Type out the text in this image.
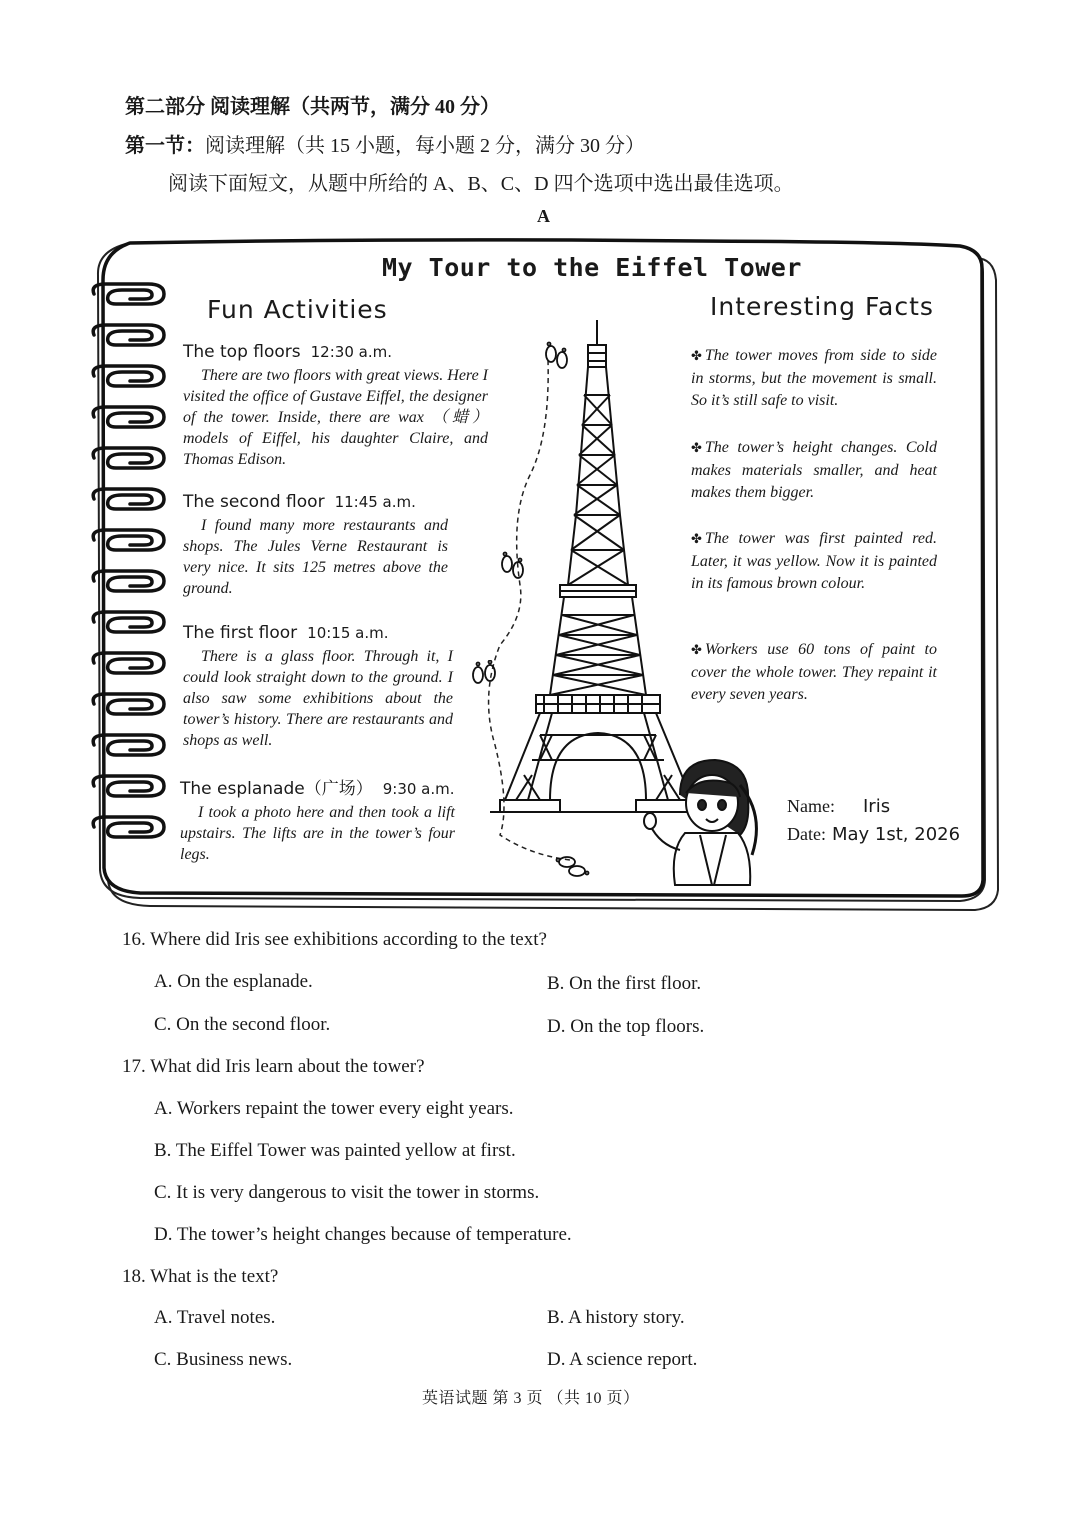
第二部分 阅读理解（共两节，满分 40 分）
第一节：阅读理解（共 15 小题，每小题 2 分，满分 30 分）
阅读下面短文，从题中所给的 A、B、C、D 四个选项中选出最佳选项。
A
My Tour to the Eiffel Tower
Fun Activities	Interesting Facts
The top floors 12:30 a.m.
There are two floors with great views. Here I visited the office of Gustave Eiffel, the designer of the tower. Inside, there are wax （蜡） models of Eiffel, his daughter Claire, and Thomas Edison.
The second floor 11:45 a.m.
I found many more restaurants and shops. The Jules Verne Restaurant is very nice. It sits 125 metres above the ground.
The first floor 10:15 a.m.
There is a glass floor. Through it, I could look straight down to the ground. I also saw some exhibitions about the tower’s history. There are restaurants and shops as well.
The esplanade（广场） 9:30 a.m.
I took a photo here and then took a lift upstairs. The lifts are in the tower’s four legs.
✤ The tower moves from side to side in storms, but the movement is small. So it’s still safe to visit.
✤ The tower’s height changes. Cold makes materials smaller, and heat makes them bigger.
✤ The tower was first painted red. Later, it was yellow. Now it is painted in its famous brown colour.
✤ Workers use 60 tons of paint to cover the whole tower. They repaint it every seven years.
Name: Iris
Date: May 1st, 2026
16. Where did Iris see exhibitions according to the text?
A. On the esplanade.	B. On the first floor.
C. On the second floor.	D. On the top floors.
17. What did Iris learn about the tower?
A. Workers repaint the tower every eight years.
B. The Eiffel Tower was painted yellow at first.
C. It is very dangerous to visit the tower in storms.
D. The tower’s height changes because of temperature.
18. What is the text?
A. Travel notes.	B. A history story.
C. Business news.	D. A science report.
英语试题 第 3 页 （共 10 页）
